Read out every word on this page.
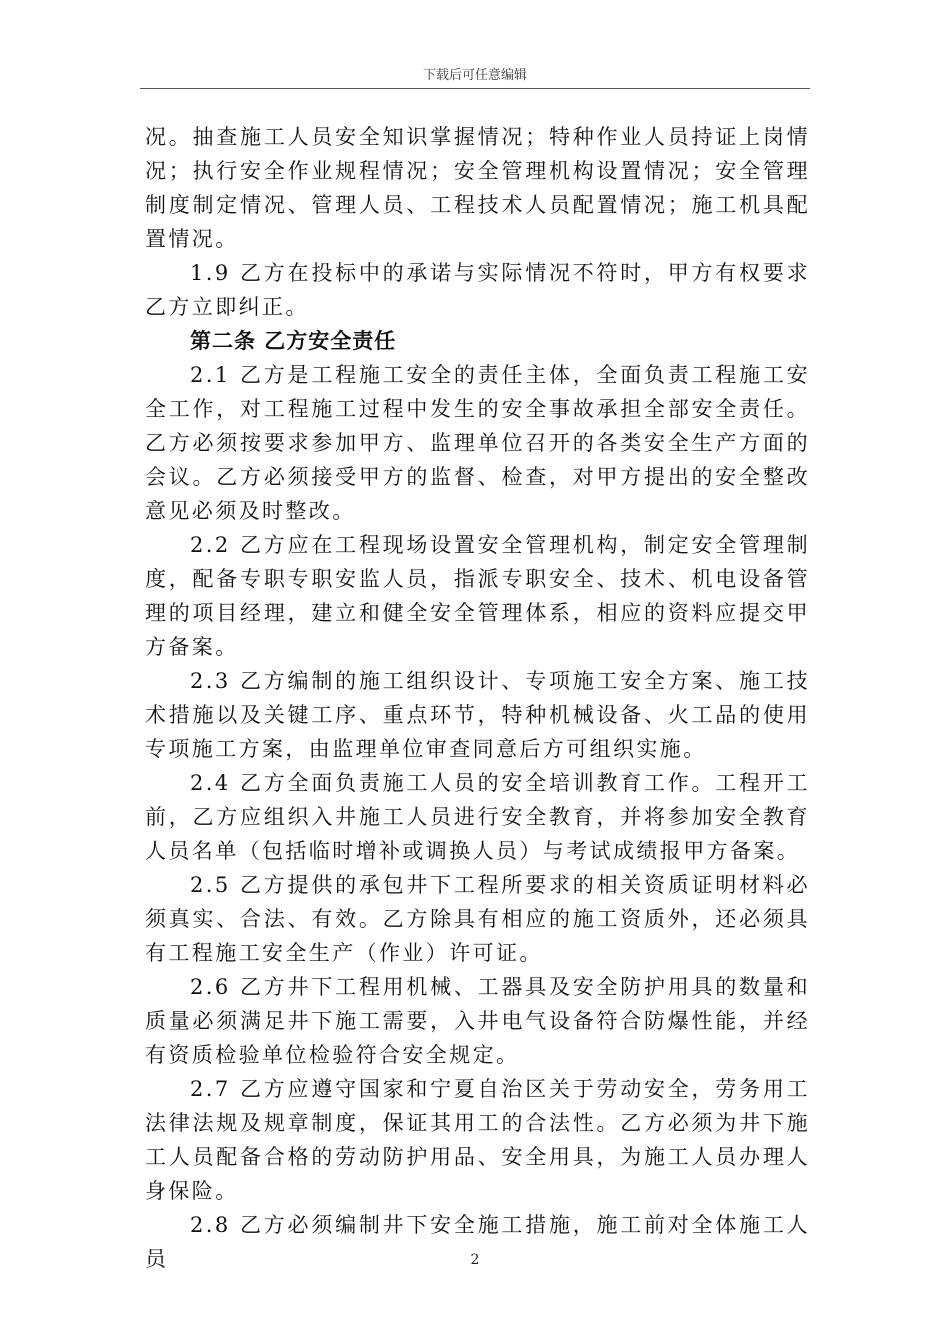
下载后可任意编辑

况。抽查施工人员安全知识掌握情况；特种作业人员持证上岗情况；执行安全作业规程情况；安全管理机构设置情况；安全管理制度制定情况、管理人员、工程技术人员配置情况；施工机具配置情况。

1.9 乙方在投标中的承诺与实际情况不符时，甲方有权要求乙方立即纠正。

第二条 乙方安全责任

2.1 乙方是工程施工安全的责任主体，全面负责工程施工安全工作，对工程施工过程中发生的安全事故承担全部安全责任。乙方必须按要求参加甲方、监理单位召开的各类安全生产方面的会议。乙方必须接受甲方的监督、检查，对甲方提出的安全整改意见必须及时整改。

2.2 乙方应在工程现场设置安全管理机构，制定安全管理制度，配备专职专职安监人员，指派专职安全、技术、机电设备管理的项目经理，建立和健全安全管理体系，相应的资料应提交甲方备案。

2.3 乙方编制的施工组织设计、专项施工安全方案、施工技术措施以及关键工序、重点环节，特种机械设备、火工品的使用专项施工方案，由监理单位审查同意后方可组织实施。

2.4 乙方全面负责施工人员的安全培训教育工作。工程开工前，乙方应组织入井施工人员进行安全教育，并将参加安全教育人员名单（包括临时增补或调换人员）与考试成绩报甲方备案。

2.5 乙方提供的承包井下工程所要求的相关资质证明材料必须真实、合法、有效。乙方除具有相应的施工资质外，还必须具有工程施工安全生产（作业）许可证。

2.6 乙方井下工程用机械、工器具及安全防护用具的数量和质量必须满足井下施工需要，入井电气设备符合防爆性能，并经有资质检验单位检验符合安全规定。

2.7 乙方应遵守国家和宁夏自治区关于劳动安全，劳务用工法律法规及规章制度，保证其用工的合法性。乙方必须为井下施工人员配备合格的劳动防护用品、安全用具，为施工人员办理人身保险。

2.8 乙方必须编制井下安全施工措施，施工前对全体施工人员	2
